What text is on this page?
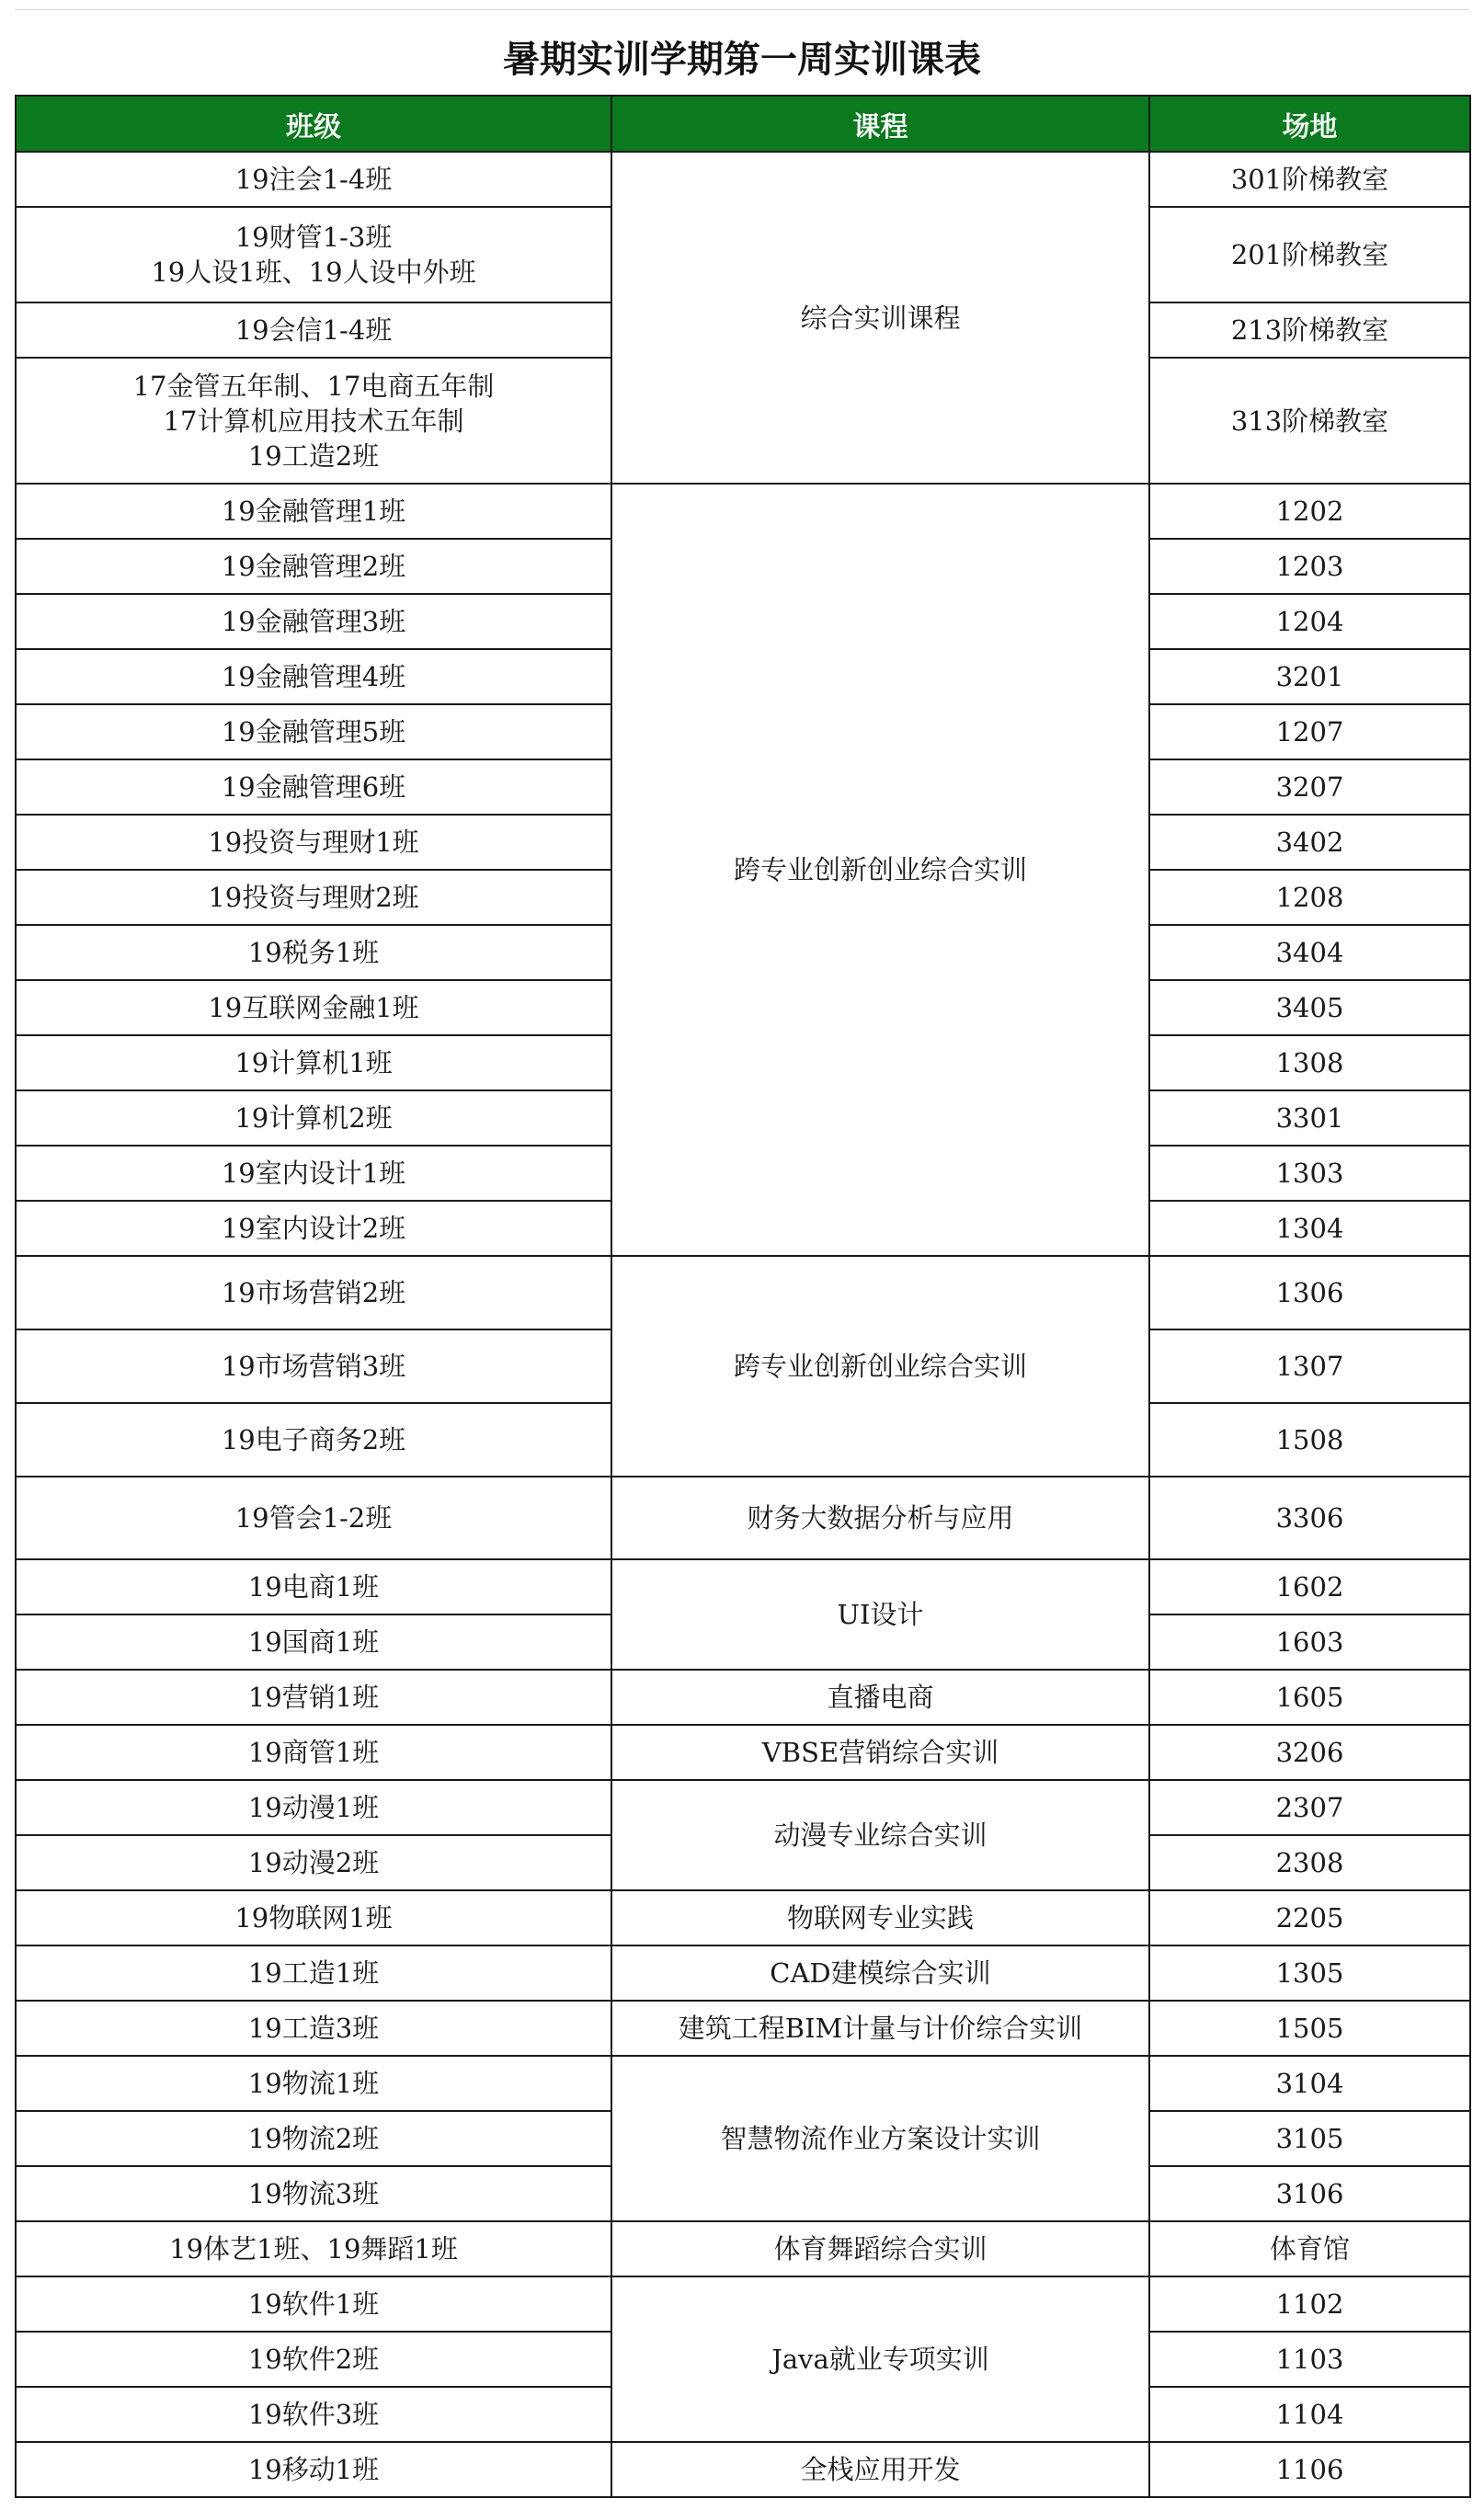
暑期实训学期第一周实训课表
班级	课程	场地
19注会1-4班	综合实训课程	301阶梯教室
19财管1-3班
19人设1班、19人设中外班		201阶梯教室
19会信1-4班		213阶梯教室
17金管五年制、17电商五年制
17计算机应用技术五年制
19工造2班		313阶梯教室
19金融管理1班	跨专业创新创业综合实训	1202
19金融管理2班		1203
19金融管理3班		1204
19金融管理4班		3201
19金融管理5班		1207
19金融管理6班		3207
19投资与理财1班		3402
19投资与理财2班		1208
19税务1班		3404
19互联网金融1班		3405
19计算机1班		1308
19计算机2班		3301
19室内设计1班		1303
19室内设计2班		1304
19市场营销2班	跨专业创新创业综合实训	1306
19市场营销3班		1307
19电子商务2班		1508
19管会1-2班	财务大数据分析与应用	3306
19电商1班	UI设计	1602
19国商1班		1603
19营销1班	直播电商	1605
19商管1班	VBSE营销综合实训	3206
19动漫1班	动漫专业综合实训	2307
19动漫2班		2308
19物联网1班	物联网专业实践	2205
19工造1班	CAD建模综合实训	1305
19工造3班	建筑工程BIM计量与计价综合实训	1505
19物流1班	智慧物流作业方案设计实训	3104
19物流2班		3105
19物流3班		3106
19体艺1班、19舞蹈1班	体育舞蹈综合实训	体育馆
19软件1班	Java就业专项实训	1102
19软件2班		1103
19软件3班		1104
19移动1班	全栈应用开发	1106
